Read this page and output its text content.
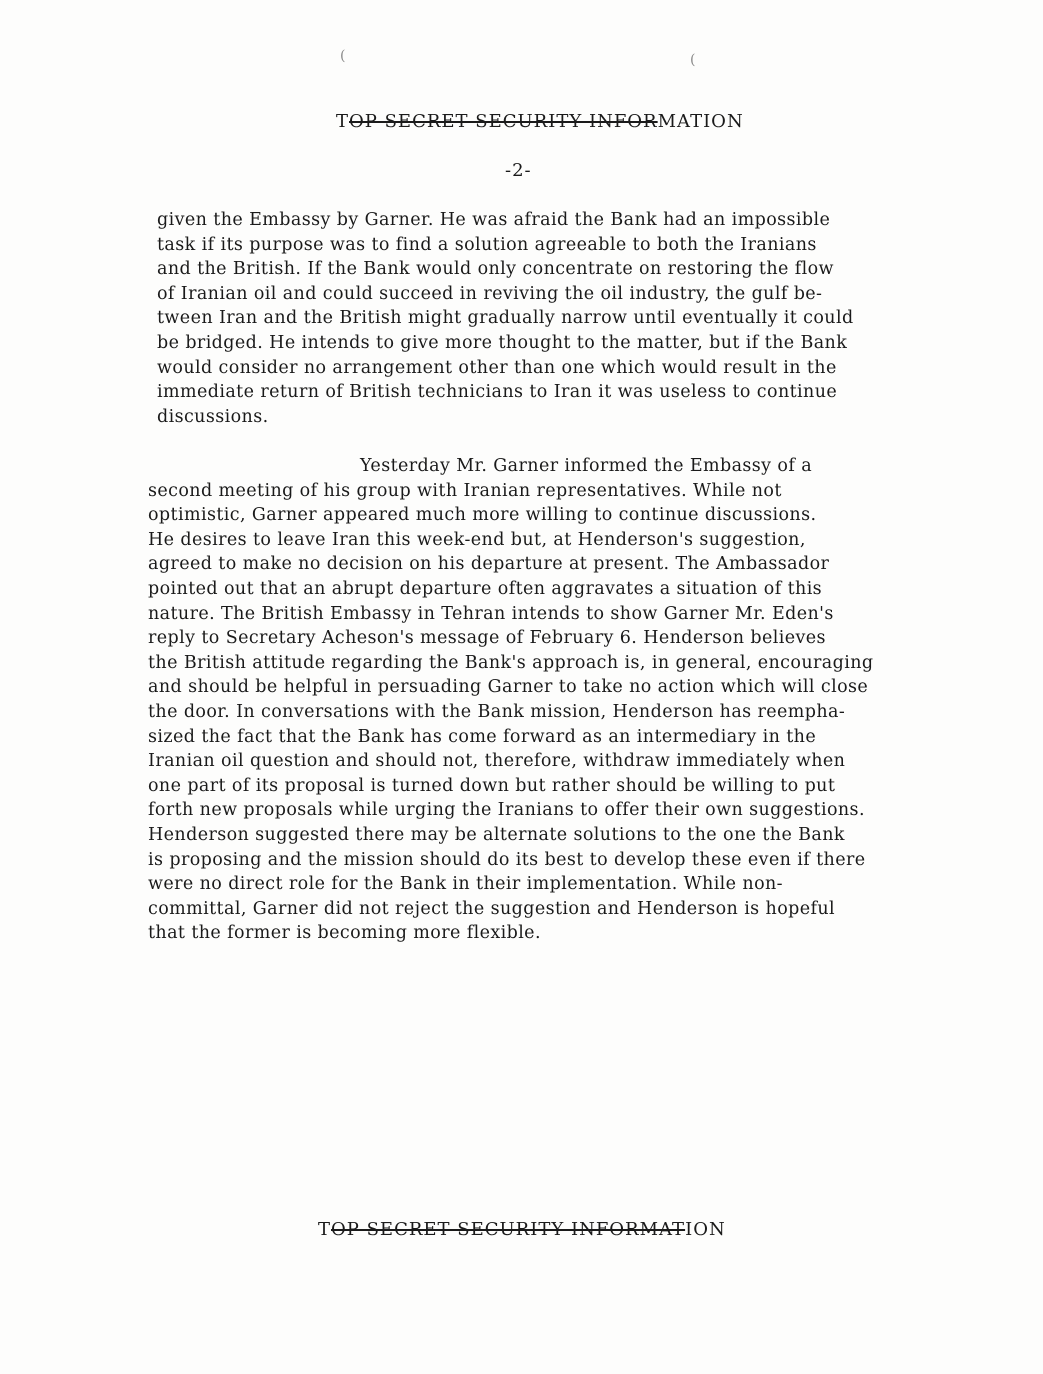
(	(
TOP SECRET SECURITY INFORMATION
-2-

given the Embassy by Garner. He was afraid the Bank had an impossible
task if its purpose was to find a solution agreeable to both the Iranians
and the British. If the Bank would only concentrate on restoring the flow
of Iranian oil and could succeed in reviving the oil industry, the gulf be-
tween Iran and the British might gradually narrow until eventually it could
be bridged. He intends to give more thought to the matter, but if the Bank
would consider no arrangement other than one which would result in the
immediate return of British technicians to Iran it was useless to continue
discussions.

Yesterday Mr. Garner informed the Embassy of a
second meeting of his group with Iranian representatives. While not
optimistic, Garner appeared much more willing to continue discussions.
He desires to leave Iran this week-end but, at Henderson's suggestion,
agreed to make no decision on his departure at present. The Ambassador
pointed out that an abrupt departure often aggravates a situation of this
nature. The British Embassy in Tehran intends to show Garner Mr. Eden's
reply to Secretary Acheson's message of February 6. Henderson believes
the British attitude regarding the Bank's approach is, in general, encouraging
and should be helpful in persuading Garner to take no action which will close
the door. In conversations with the Bank mission, Henderson has reempha-
sized the fact that the Bank has come forward as an intermediary in the
Iranian oil question and should not, therefore, withdraw immediately when
one part of its proposal is turned down but rather should be willing to put
forth new proposals while urging the Iranians to offer their own suggestions.
Henderson suggested there may be alternate solutions to the one the Bank
is proposing and the mission should do its best to develop these even if there
were no direct role for the Bank in their implementation. While non-
committal, Garner did not reject the suggestion and Henderson is hopeful
that the former is becoming more flexible.

TOP SECRET SECURITY INFORMATION
